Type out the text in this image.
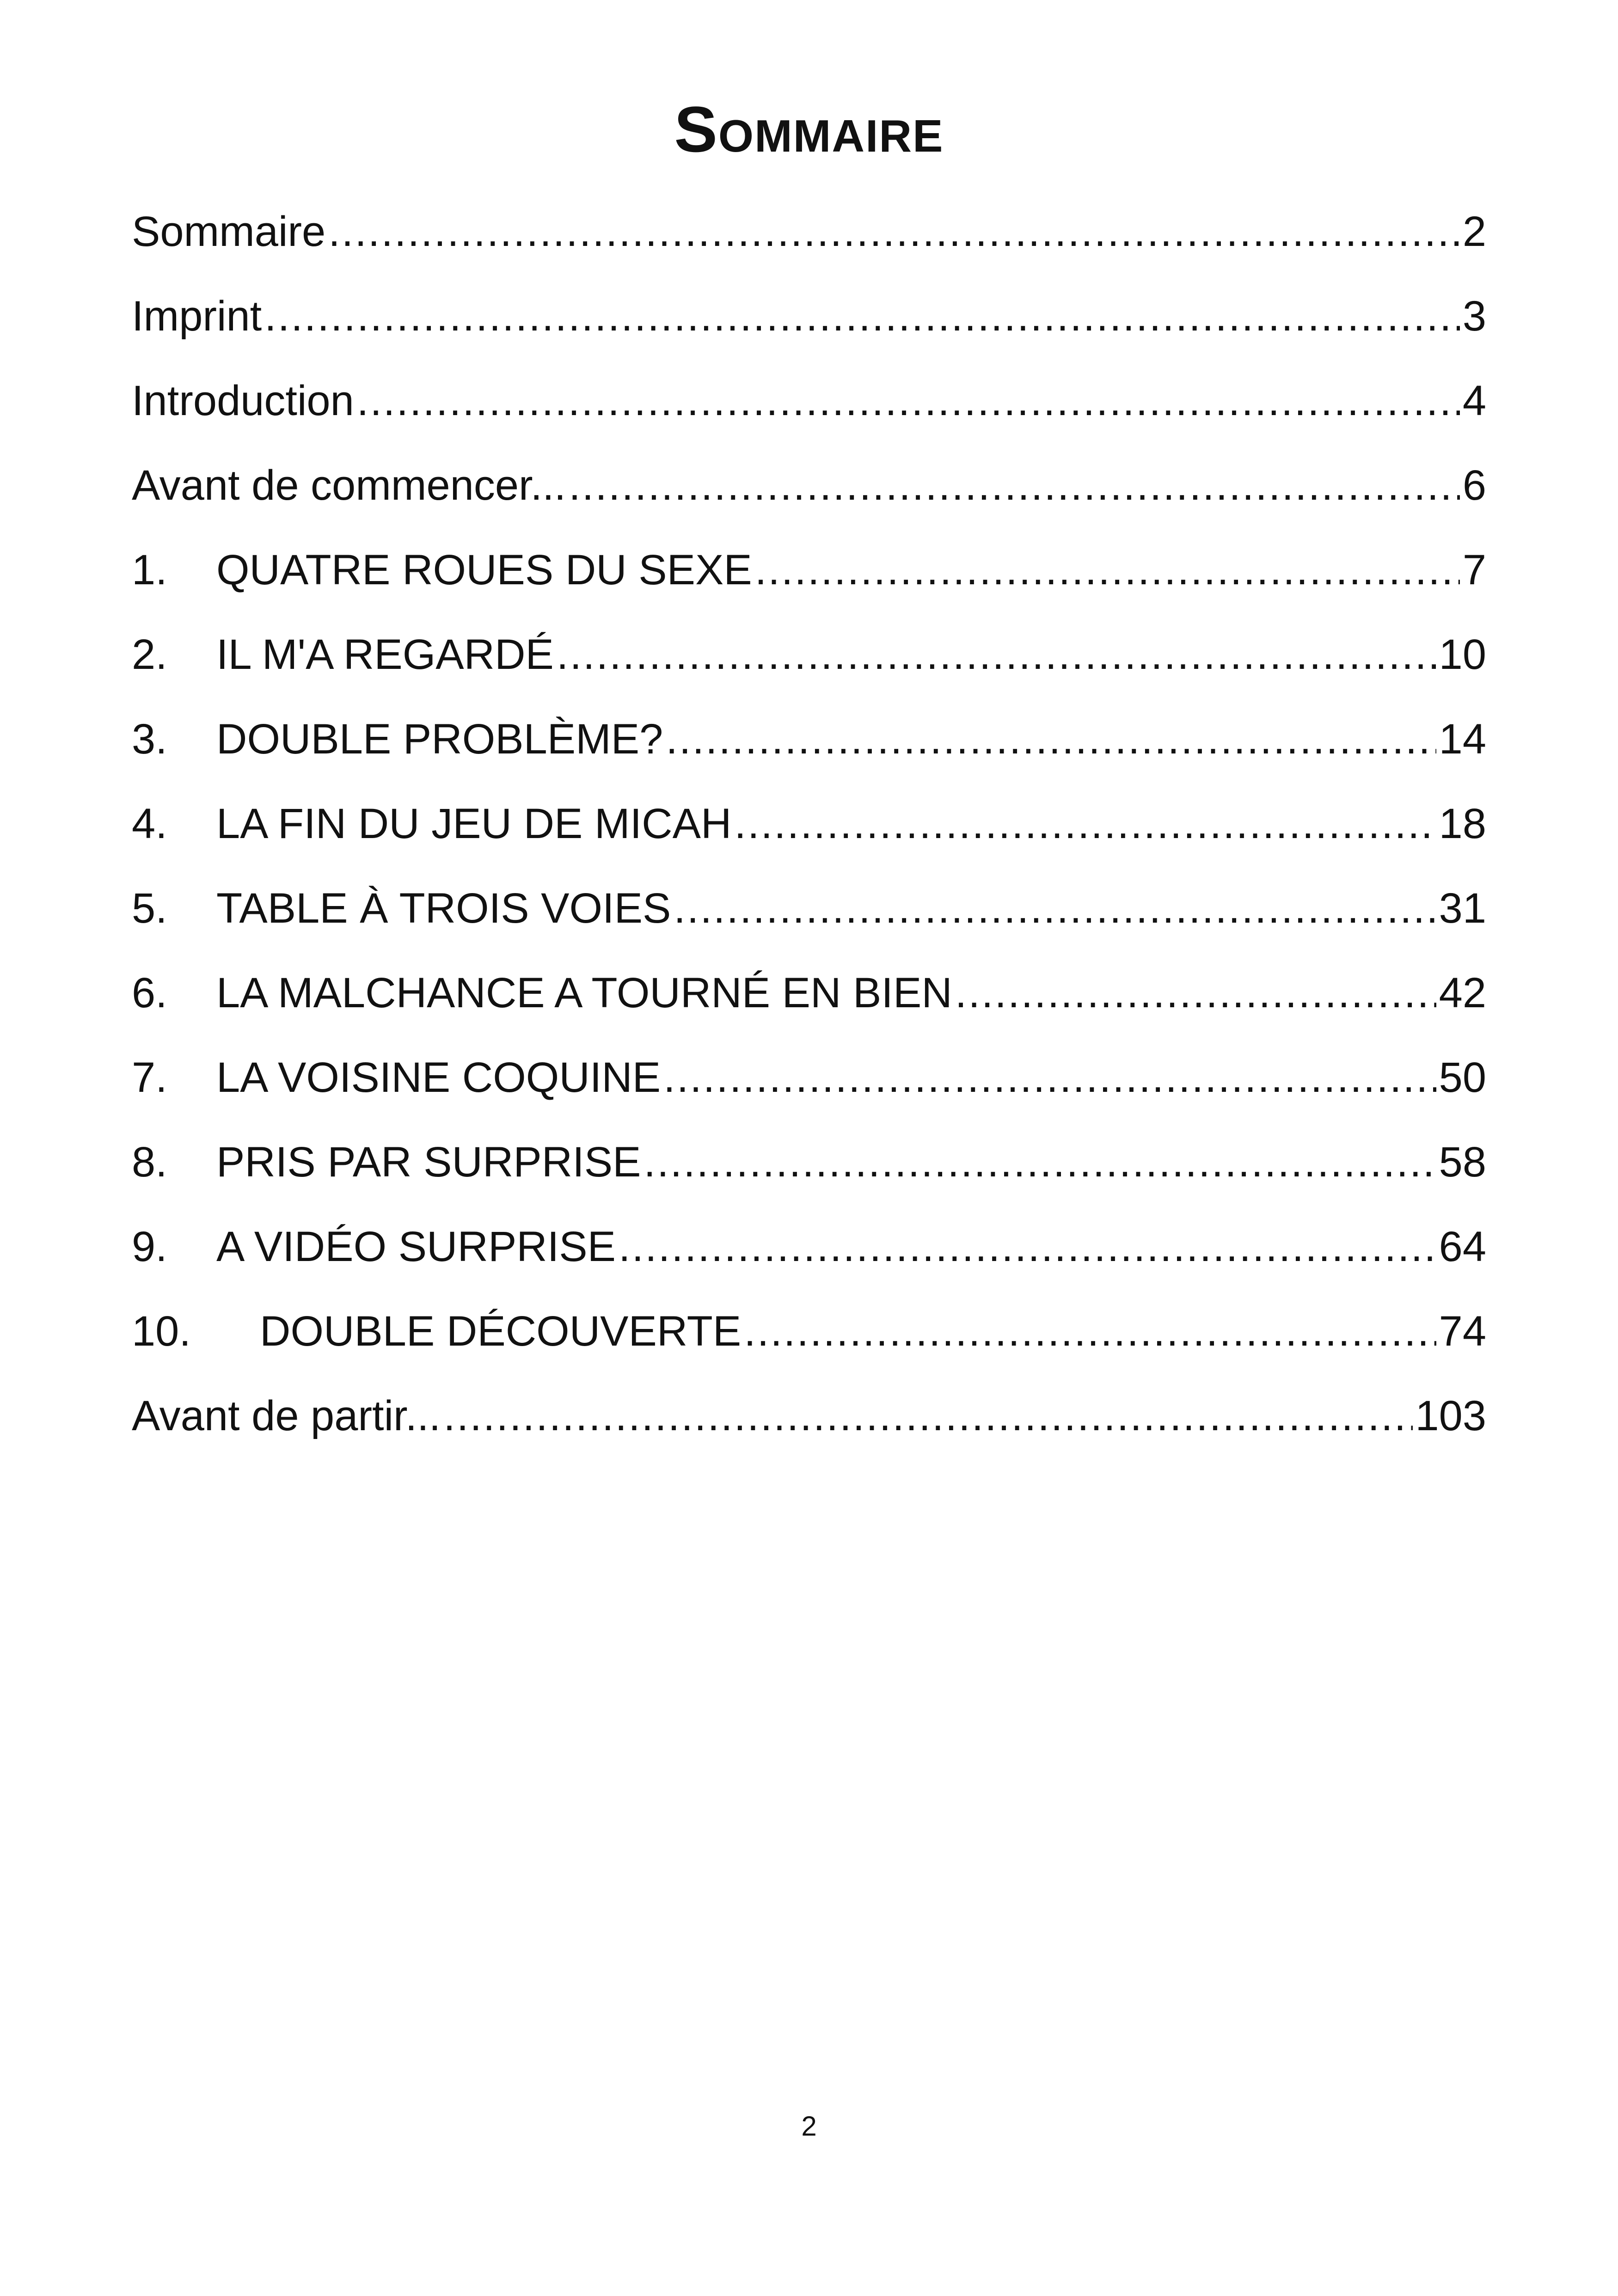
Sommaire
Sommaire .....	2
Imprint .....	3
Introduction .....	4
Avant de commencer... .....	6
1.	QUATRE ROUES DU SEXE .....	7
2.	IL M'A REGARDÉ .....	10
3.	DOUBLE PROBLÈME? .....	14
4.	LA FIN DU JEU DE MICAH .....	18
5.	TABLE À TROIS VOIES .....	31
6.	LA MALCHANCE A TOURNÉ EN BIEN .....	42
7.	LA VOISINE COQUINE .....	50
8.	PRIS PAR SURPRISE .....	58
9.	A VIDÉO SURPRISE .....	64
10.	DOUBLE DÉCOUVERTE .....	74
Avant de partir... .....	103

2
